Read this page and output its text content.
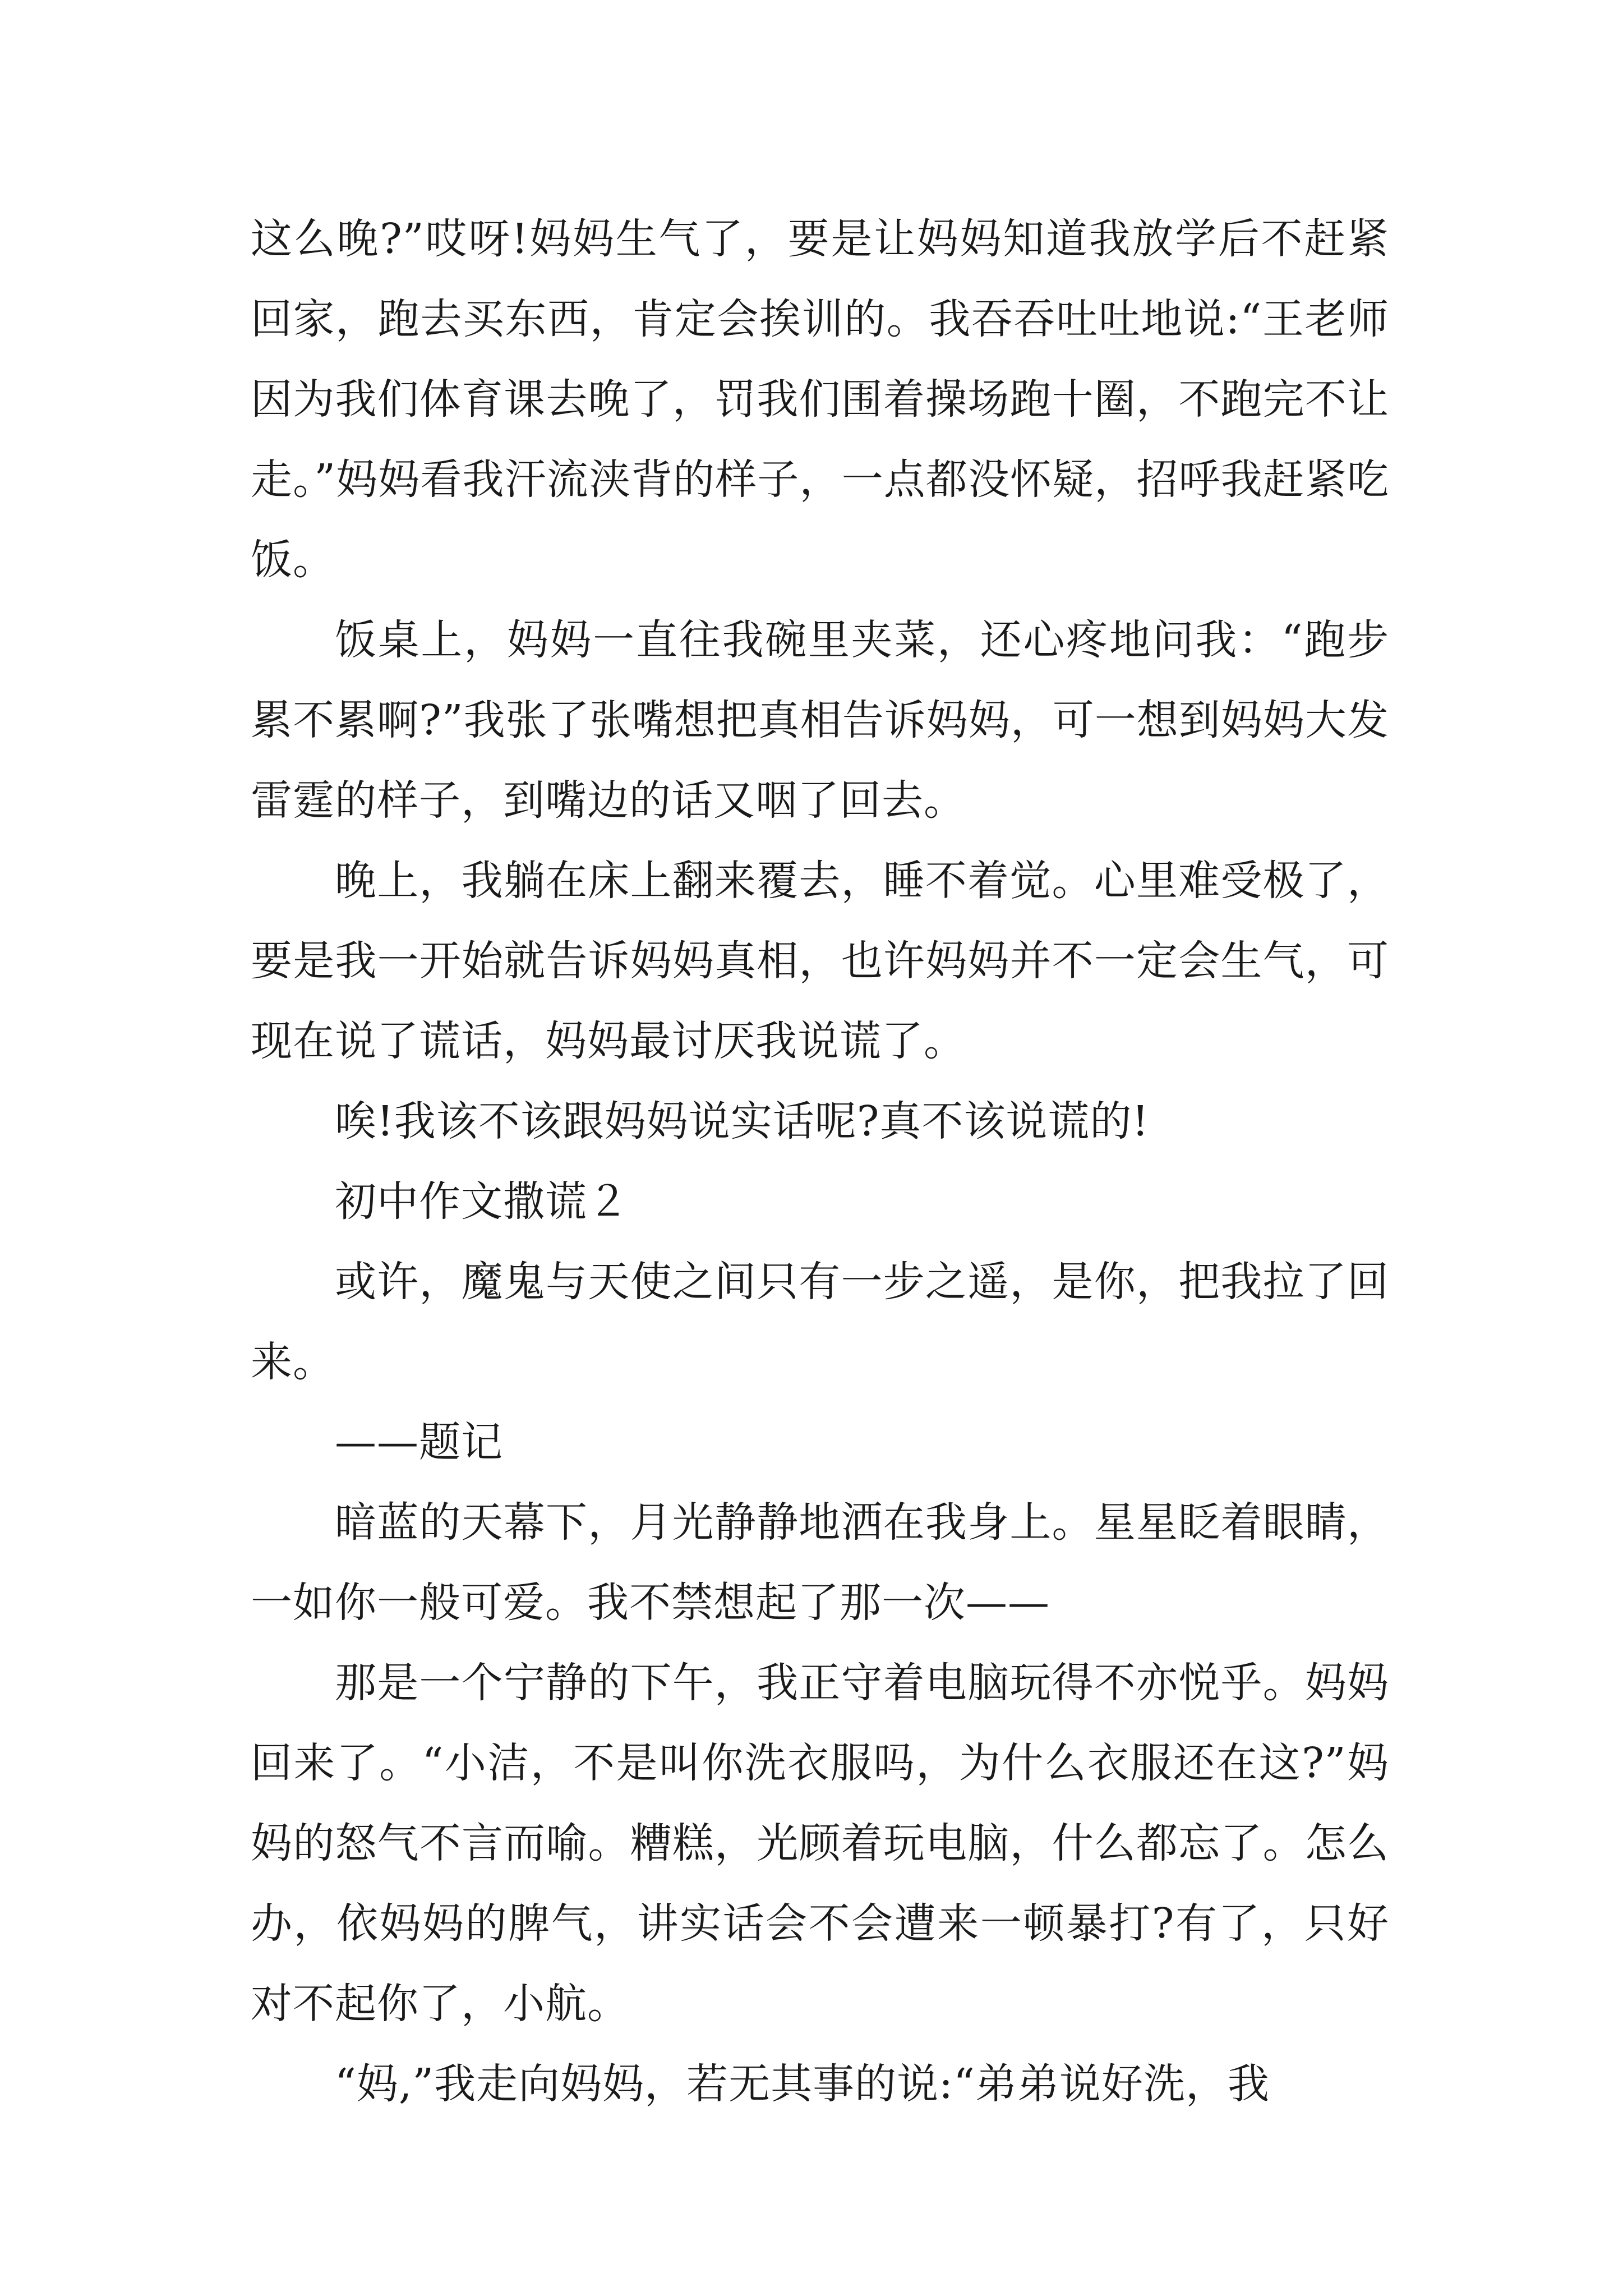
这么晚?”哎呀!妈妈生气了，要是让妈妈知道我放学后不赶紧回家，跑去买东西，肯定会挨训的。我吞吞吐吐地说:“王老师因为我们体育课去晚了，罚我们围着操场跑十圈，不跑完不让走。”妈妈看我汗流浃背的样子，一点都没怀疑，招呼我赶紧吃饭。

饭桌上，妈妈一直往我碗里夹菜，还心疼地问我：“跑步累不累啊?”我张了张嘴想把真相告诉妈妈，可一想到妈妈大发雷霆的样子，到嘴边的话又咽了回去。

晚上，我躺在床上翻来覆去，睡不着觉。心里难受极了，要是我一开始就告诉妈妈真相，也许妈妈并不一定会生气，可现在说了谎话，妈妈最讨厌我说谎了。

唉!我该不该跟妈妈说实话呢?真不该说谎的!

初中作文撒谎２

或许，魔鬼与天使之间只有一步之遥，是你，把我拉了回来。

——题记

暗蓝的天幕下，月光静静地洒在我身上。星星眨着眼睛，一如你一般可爱。我不禁想起了那一次——

那是一个宁静的下午，我正守着电脑玩得不亦悦乎。妈妈回来了。“小洁，不是叫你洗衣服吗，为什么衣服还在这?”妈妈的怒气不言而喻。糟糕，光顾着玩电脑，什么都忘了。怎么办，依妈妈的脾气，讲实话会不会遭来一顿暴打?有了，只好对不起你了，小航。

“妈,”我走向妈妈，若无其事的说:“弟弟说好洗，我
